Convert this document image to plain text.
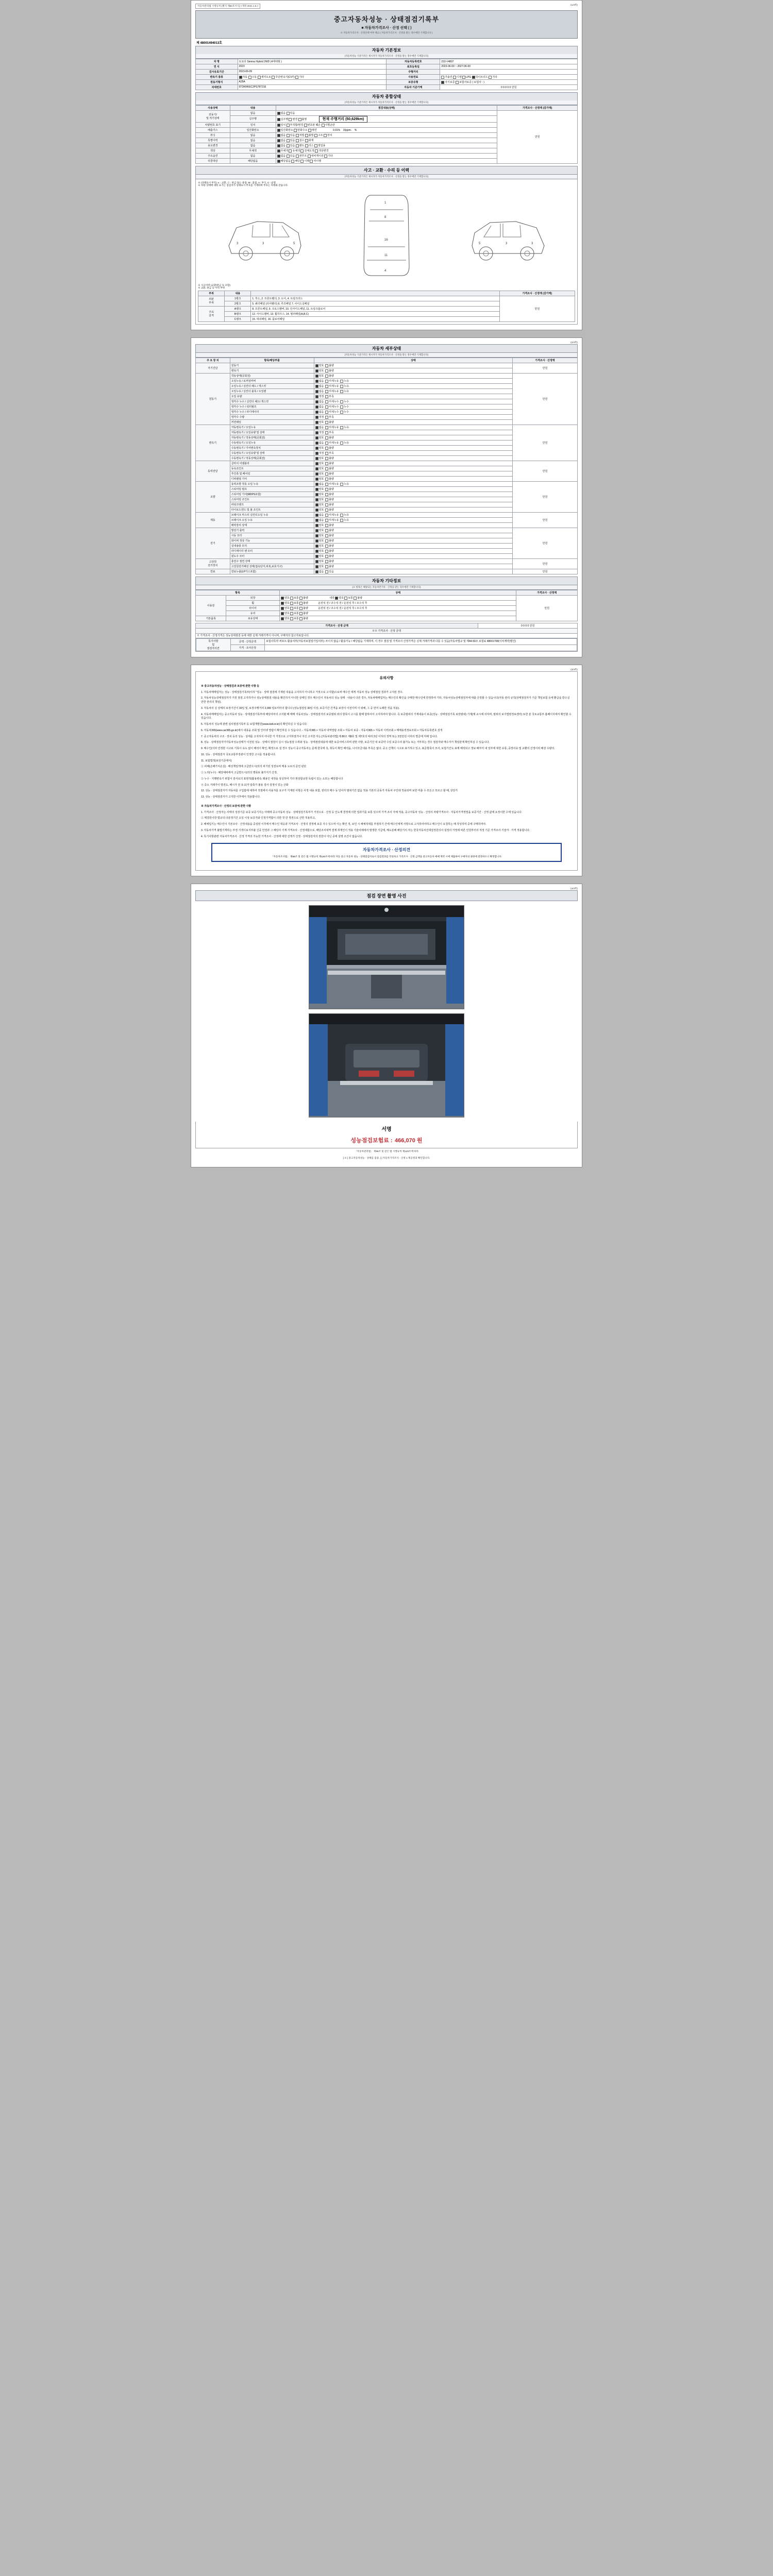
자동차관리법 시행규칙 [별지 제82호서식] <개정 2021.1.5.>	(1/4쪽)
중고자동차성능 · 상태점검기록부
■ 자동차가격조사 · 산정 선택 ( )
※ 자동차가격조사 · 산정선택 여부 체크 ( 자동차가격조사 · 산정을 받는 경우에만 기재합니다 )
제 48001494013호
자동차 기본정보
(자동차성능 기준가격은 제시자가 자동차가격조사 · 산정을 받는 경우에만 기재합니다)
차 명	토요타 Sienna Hybrid 2WD (4세대형 )	자동차등록번호	231나4807
연 식	2023	최초등록일	2023-06-00 ~ 2027-06-00
검사유효기간	2023-06-09	주행거리	
변속기 종류	자동 수동 세미오토 무단변속기(CVT) 기타	사용연료	가솔린 디젤 LPG 하이브리드 기타
원동기형식	A25A	보증유형	자기보증 보험사보증 ( 보험사 : )
차대번호	5TDKRKEC2PS787216	자동차 기준가액	0 0 0 0 0 만원
자동차 종합상태
(자동차성능 기준가격은 제시자가 자동차가격조사 · 산정을 받는 경우에만 기재합니다)
사용상태	내용	점검내용(상태)	가격조사 · 산정액 (감가액)
전동기/
및 적기상태	없음	없음 있음	만원
	실주행	실주행 변경 불명 현재 주행거리 (50,629km)	
차량번호 표기	일치	일치 부적합/변경 번호판 훼손 식별곤란	
배출가스	일산화탄소	일산화탄소 탄화수소 매연 0.01%    15ppm.    %	
튜닝	없음	없음 있음 적법 불법 구조 장치	
특별이력	없음	없음 있음 침수 화재	
용도변경	없음	없음 있음 렌트 리스 영업용	
색상	무채색	무채색 유채색 전체도색 색상변경	
주요옵션	없음	없음 있음 썬루프 내비게이션 기타	
리콜대상	해당없음	해당없음 해당 이행 미이행	
사고 · 교환 · 수리 등 이력
(자동차성능 기준가격은 제시자가 자동차가격조사 · 산정을 받는 경우에만 기재합니다)
※ (상태표시 부호) ⨯ : 교환, ⊙ : 판금 또는 용접, W : 흠집, A : 부식, C : 균열
※ 차량 상태에 대한 표기는 점검자가 상태표시 부호를 기재하며 부호는 아래와 같습니다.
3	3	5
1
8
16
11
4
3
3
5
※ 사고이력 (교환/판금 등 포함)
※ 교환, 판금 등 이력 부위
부위	내용		가격조사 · 산정액 (감가액)
외판
부위	1랭크	1. 후드, 2. 프론트휀더, 3. 도어, 4. 트렁크리드	만원
	2랭크	5. 쿼터패널 (리어휀더) 6. 루프패널 7. 사이드실패널	
주요
골격	A랭크	8. 프론트패널, 9. 크로스멤버, 10. 인사이드패널, 11. 트렁크플로어	
	B랭크	12. 사이드멤버, 13. 휠하우스, 14. 필러패널(A,B,C)	
	C랭크	15. 대쉬패널, 16. 플로어패널	
(2/4쪽)
자동차 세부상태
(자동차성능 기준가격은 제시자가 자동차가격조사 · 산정을 받는 경우에만 기재합니다)
주 요 장 치	항목/해당부품	상태	가격조사 · 산정액
자기진단	원동기	양호 불량	만원
	변속기	양호 불량	
원동기	작동상태(공회전)	양호 불량	만원
	오일누유 / 로커암커버	없음 미세누유 누유	
	오일누유 / 실린더 헤드 / 개스킷	없음 미세누유 누유	
	오일누유 / 실린더 블록 / 오일팬	없음 미세누유 누유	
	오일 유량	적정 부족	
	냉각수 누수 / 실린더 헤드/ 개스킷	없음 미세누수 누수	
	냉각수 누수 / 워터펌프	없음 미세누수 누수	
	냉각수 누수 / 라디에이터	없음 미세누수 누수	
	냉각수 수량	적정 부족	
	커먼레일	양호 불량	
변속기	자동변속기 / 오일누유	없음 미세누유 누유	만원
	자동변속기 / 오일유량 및 상태	적정 부족	
	자동변속기 / 작동상태(공회전)	양호 불량	
	수동변속기 / 오일누유	없음 미세누유 누유	
	수동변속기 / 기어변속장치	양호 불량	
	수동변속기 / 오일유량 및 상태	적정 부족	
	수동변속기 / 작동상태(공회전)	양호 불량	
동력전달	클러치 어셈블리	양호 불량	만원
	등속조인트	양호 불량	
	추진축 및 베어링	양호 불량	
	디퍼렌셜 기어	양호 불량	
조향	동력조향 작동 오일 누유	없음 미세누유 누유	만원
	스티어링 펌프	양호 불량	
	스티어링 기어(MDPS포함)	양호 불량	
	스티어링 조인트	양호 불량	
	파워크랭크	양호 불량	
	타이로드엔드 및 볼 조인트	양호 불량	
제동	브레이크 마스터 실린더오일 누유	없음 미세누유 누유	만원
	브레이크 오일 누유	없음 미세누유 누유	
	배력장치 상태	양호 불량	
전기	발전기 출력	양호 불량	만원
	시동 모터	양호 불량	
	와이퍼 정상 기능	양호 불량	
	실내송풍 모터	양호 불량	
	라디에이터 팬 모터	양호 불량	
	윈도우 모터	양호 불량	
고전원
전기장치	충전구 절연 상태	양호 불량	만원
	고전원전기배선 상태(접속단자,피복,보호기구)	양호 불량	
연료	연료누출(LP가스포함)	없음 있음	만원
자동차 기타정보
(※ 항목은 해당되는 자동차만기록 · 산정을 받는 경우에만 기재합니다)
항목		상태	가격조사 · 산정액
사용감	외장	양호 보통 불량 내장 양호 보통 불량	만원
	휠	양호 보통 불량 운전석 전 / 조수석 전 / 운전석 후 / 조수석 후	
	타이어	양호 보통 불량 운전석 전 / 조수석 전 / 운전석 후 / 조수석 후	
	유리	양호 보통 불량	
기본품목	보유상태	양호 보통 불량	
가격조사 · 산정 금액	0 0 0 0 만원
※※ 가격조사 · 산정 금액
※ 가격조사 · 산정가격은 성능상태점검 등에 대한 실제 거래가격이 아니며, 구매자의 참고자료입니다.

특기사항
및
점검자의견	금액 · 산정금액	보험사특약·써포트 활용여부(자동차보험및가입여부): 쓰이지 않음 / 활용가능 / 해당없음 기재하며, 이 경우 점검 및 가격조사 산정가격은 실제 거래가격과 다를 수 있음(자동차법규 및 제44-50조 보험료 48001708(이차계약)법인)
가격 · 조사산정	
(3/4쪽)
유의사항

※ 중고자동차성능 · 상태점검과 보증에 관한 사항 등

1. 자동차매매업자는 성능 · 상태점검기록부(이하 "성능 · 상태 점검에 기재된 내용을 고지하지 아니하고 거짓으로 고지할)으로써 매수인 에게 자동차 성능 상태점검 결과가 고지된 경우.

2. 자동차성능상태점검자가 거짓 점검 고지하거나 성능상태점검 내용을 확인하지 아니한 상태인 경우 매수인이 자동차의 성능 상태 · 내용이 다른 경우, 자동차매매업자는 매수인의 확인을 구매한 매수인에 한정하여 기타, 자동차성능상태점검자에 대출 산정할 수 있습니다(자동 관리 규칙(상태점검자가 기준 책임보험 등에 환급을 받으실만한 권리의 책임).

3. 자동차의 실 상태의 보장기간이 30일 및, 보장주행거리 2,000 킬로미터의 합니다 (성능점검일 30일 이상, 보증기간 간격을 보장이 이전이며 이 위해, 그 중 먼저 도래한 것을 적용).

4. 자동차매매업자는 중고자동차 성능 · 상태점검기록부에 해당여부의 고지할 때 매매 자동차성능 · 상태점검자의 보증범위 외의 항목이 고시를 할때 함하여서 고지하여야 합니다. 즉 보증범위의 기재내용이 보증(성능 · 상태점검기록 보장범위) 기재(제 교시에 의하며, 범위의 보기법령정보센터) 또한 분 국토교통부 홈페이지에서 확인할 수 있습니다.

5. 자동차의 성능에 관련 심사점검기록부 등 보험개발원(www.kidi.or.kr)의 확인하실 수 있습니다.

6. 자동차365(www.car365.go.kr)에서 내용을 조회 및 인터넷 열람이 확인하실 수 있습니다. - 자동차365 > 자동차 내역열람 조회 > 자동차 보증 - 자동차365 > 자동차 이력조회 > 매매용적정보조회 > 자동차등록번호 검색

7. 중고자동차의 구조 · 장치 등의 성능 · 상태를 고지하지 아니한 거 거짓으로 고지하였거나 자신 고지한 자는 [자동차관리법] 제 80조 제8호 및 제7호의 따라 2년 이하의 징역 또는 2천만원 이하의 벌금에 처해 집니다.

8. 성능 · 상태점검자가자동차성능상태가 이전된 성능 · 상태의 점검이 실시 성능점검 수취와 성능 · 상태점검내용에 대한 보증서비스하며 관한 사항, 보증기간 내 보증약 수있 보증수리 불가능 또는 거부하는 경우 점검자와 매수자가 책임관계 확인하실 수 있습니다.

9. 매수인(이하 인정한 시고로 기록이 유도 없이 해석이 확인, 확정으로 설 경우 성능이 중고자동차는 문제 한국에 측, 취득이 확인 해석을, 나이모금내용 부족은 없다. 중고 산책이 시고로 표기하고 있고, 표준항목이 모사, 보험기간도 표제 해석되고 정보 배부터 내 일부에 대한 유통, 중장사유 및 교환의 산정이라 배상 수량의.

10. 성능 · 상태점검자 국토교통부장관이 인정한 고시를 적용합니다.

11. 보험법적(보상기준에서)

① 피해(손해가치손실) · 배상책임액에 고급받으시(리의 피기된 성질로써 매용 도로의 문언 판단

② 노리(누수) · 해당예비에서 고급받으시(리의 명목보 불가지기 산정,

③ 누수 · 지행변속기 위험이 검사로의 표현적(활용변속 왜용인 내정을 상실하여 기타 현상합규한 독립이 있는 소모는 해당합니다

④ 중소 거래가이 방전도, 배시가 전 유고(자 압축가 불용 검사 검정이 있는 산화

12. 성능 · 상태점검자가 자동차를 구입함에 대하여 적절에서 사용자를 요구가 기재된 사항은 사정 내용 포함, 권리의 매수 등 당사자 범위기간 없음 적용 기본의 공동가 자동차 구인데 적용되며 보한 미출 수 모든고 모르고 할 때, 상당가

13. 성능 · 상태점검자가 고지한 이후에서 적용합니다.

※ 자동차가격조사 · 산정의 보증에 관한 사항

1. 가격조사 · 산정자는 사태의 성장기준 보증 보증기지는 아래에 중고자동차 성능 · 상태점검기록부가 거짓으로 · 산정 등 인도계 결정에 의한 업과기를 보통 있으며 가격 조사 자체 적용, 중고자동차 성능 · 산정의 차량가격조사 · 자동차가격정밀을 보증기간 · 산정 값에 요정이한 수에 있습니다.

① 매결원이한 법규의 다분정기간 오일 이상 보증가와 인정가격합이 의한 것 만 정권으로 산한 적용하고,

2. 해체입기는 매수인이 기본조사 · 산정내용을 중심된 이후에서 매수인 대응과 가격조사 · 산정의 결정에 보증 지수 있으며 이는 확인 적, 보인 시 해체적대를 부절하기 간에 매수인에게 사항으로 고지하여야하고 매수인이 요청하는 때 작성하여 중에 구매하여야.

3. 자동차가격 불법기재하는 부정 기객이보지부불 신중 안전과 그 해당사 기재 가격조사 · 산정대합으로, 해당조치내역 결제 취재인이 적용 기술사례에서 발생한 기급에, 해도분해 해당기의 자는 한국자동차진대검정원의사 설정의 가정에 따른 인원부터의 적정 기준 가격조사 기술자 · 가격 적용합니다.

4. 특기사항관련 자동차가격조사 · 산정 가격의 가능한 가격조사 · 산정에 대한 진액가 산정 · 상태점검자의 권한이 아닌 중에 설명 조건이 없습니다.

자동차가격조사 · 산정의견
「자동차조사법」 제58조 및 같은 법 시행규칙 제120조에 따라 자동 중고 자동차 성능 · 상태점검자로서 점검결과를 작성하고 가격조사 · 산정 금액을 중고자동차 매매 계약 시에 제출하여 구매자의 권한에 결정하오니 확정합니다.
(4/4쪽)
점검 장면 촬영 사진
서명
성능점검보험료 : 466,070 원
「자동차관리법」 제58조 및 같은 법 시행규칙 제120조에 따라
[ ※ ] 중고자동차성능 · 상태를 검증, [ ] 자동차가격조사 · 산정 1 제공결과 확인합니다.
